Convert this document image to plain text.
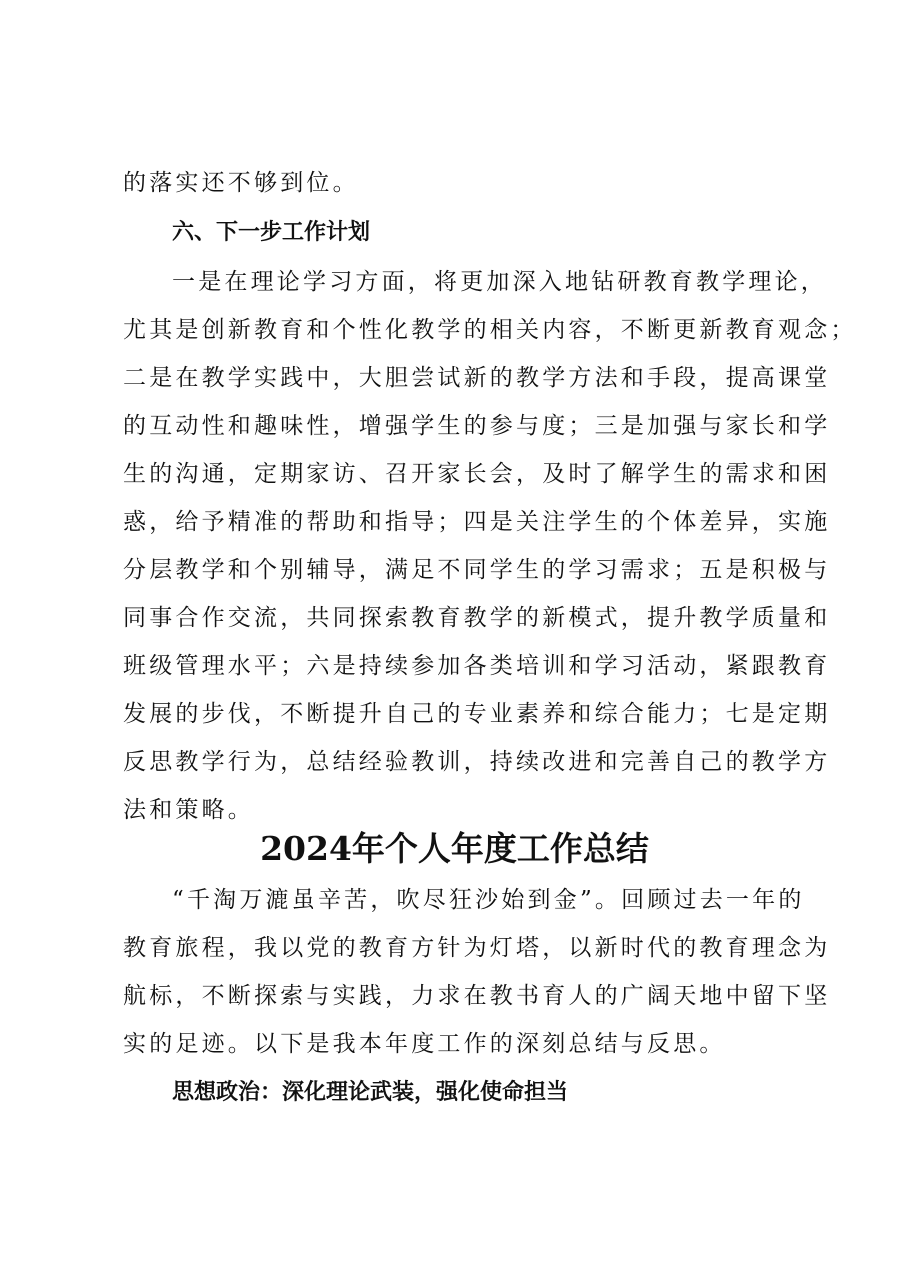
的落实还不够到位。
六、下一步工作计划
一是在理论学习方面，将更加深入地钻研教育教学理论，
尤其是创新教育和个性化教学的相关内容，不断更新教育观念；
二是在教学实践中，大胆尝试新的教学方法和手段，提高课堂
的互动性和趣味性，增强学生的参与度；三是加强与家长和学
生的沟通，定期家访、召开家长会，及时了解学生的需求和困
惑，给予精准的帮助和指导；四是关注学生的个体差异，实施
分层教学和个别辅导，满足不同学生的学习需求；五是积极与
同事合作交流，共同探索教育教学的新模式，提升教学质量和
班级管理水平；六是持续参加各类培训和学习活动，紧跟教育
发展的步伐，不断提升自己的专业素养和综合能力；七是定期
反思教学行为，总结经验教训，持续改进和完善自己的教学方
法和策略。
2024年个人年度工作总结
“千淘万漉虽辛苦，吹尽狂沙始到金”。回顾过去一年的
教育旅程，我以党的教育方针为灯塔，以新时代的教育理念为
航标，不断探索与实践，力求在教书育人的广阔天地中留下坚
实的足迹。以下是我本年度工作的深刻总结与反思。
思想政治：深化理论武装，强化使命担当
